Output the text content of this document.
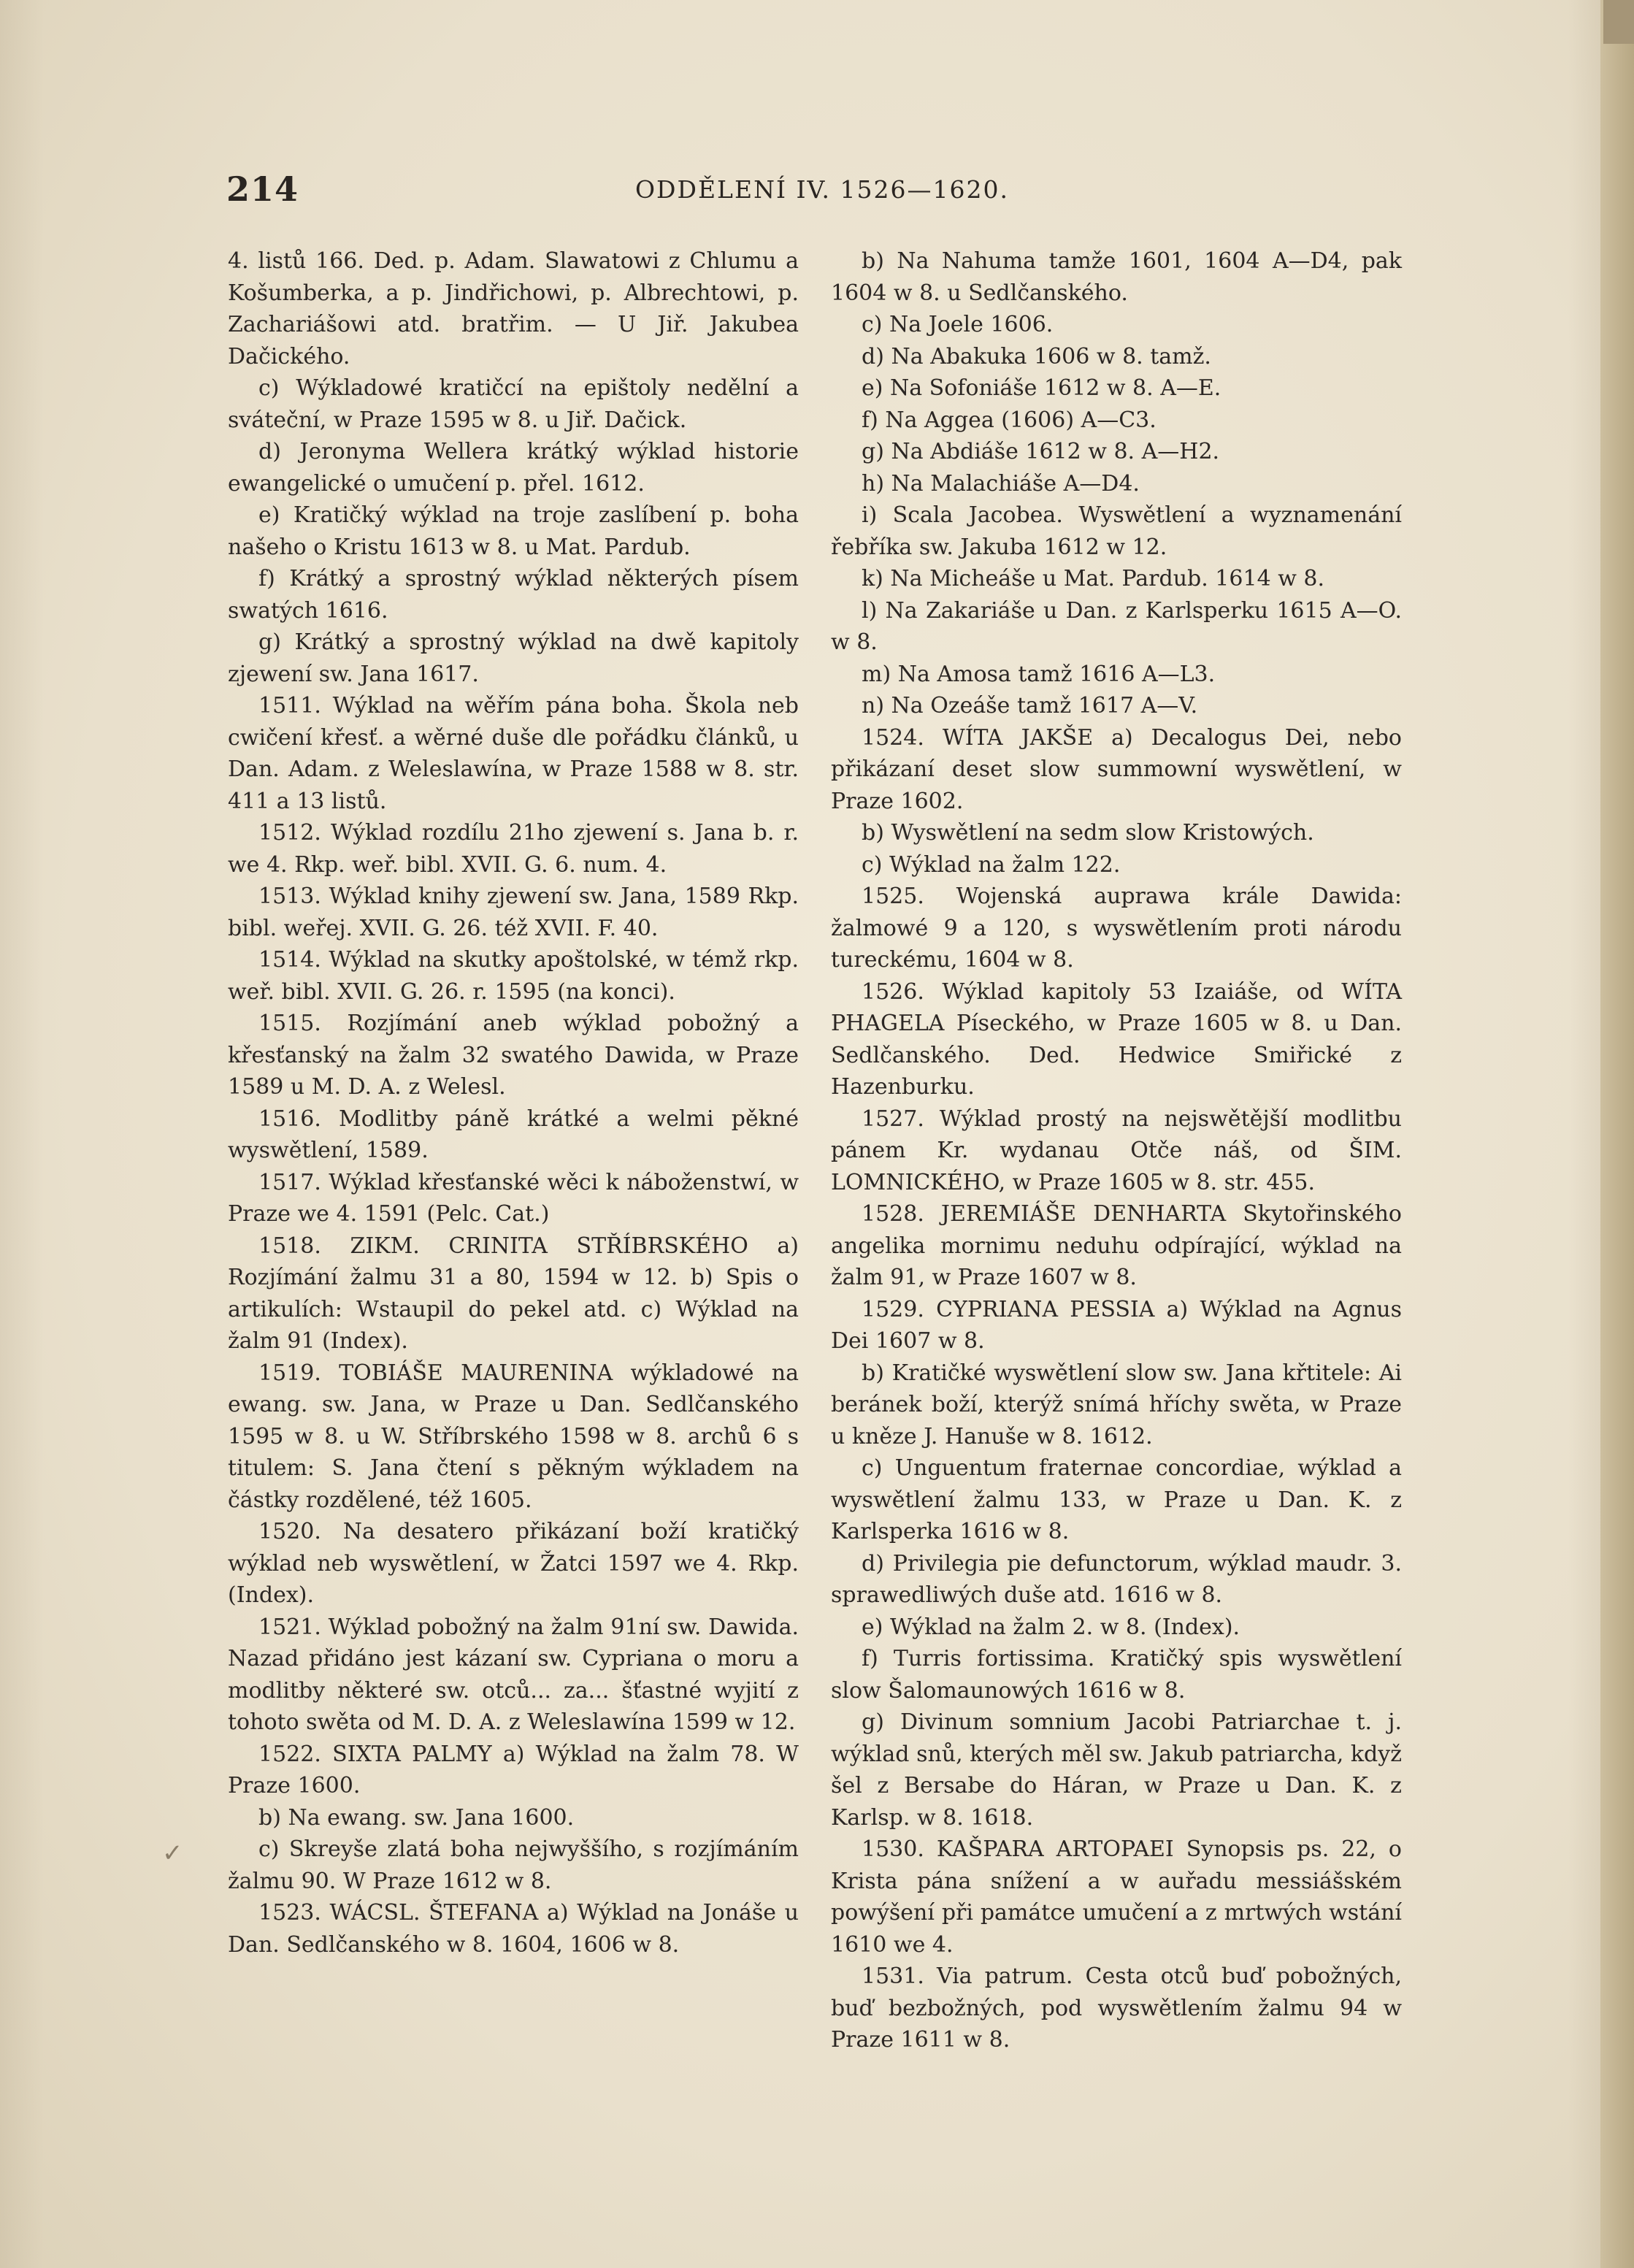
214	ODDĚLENÍ IV. 1526—1620.

4. listů 166. Ded. p. Adam. Slawatowi z Chlumu a Košumberka, a p. Jindřichowi, p. Albrechtowi, p. Zachariášowi atd. bratřim. — U Jiř. Jakubea Dačického.

c) Wýkladowé kratičcí na epištoly nedělní a sváteční, w Praze 1595 w 8. u Jiř. Dačick.

d) Jeronyma Wellera krátký wýklad historie ewangelické o umučení p. přel. 1612.

e) Kratičký wýklad na troje zaslíbení p. boha našeho o Kristu 1613 w 8. u Mat. Pardub.

f) Krátký a sprostný wýklad některých písem swatých 1616.

g) Krátký a sprostný wýklad na dwě kapitoly zjewení sw. Jana 1617.

1511. Wýklad na wěřím pána boha. Škola neb cwičení křesť. a wěrné duše dle pořádku článků, u Dan. Adam. z Weleslawína, w Praze 1588 w 8. str. 411 a 13 listů.

1512. Wýklad rozdílu 21ho zjewení s. Jana b. r. we 4. Rkp. weř. bibl. XVII. G. 6. num. 4.

1513. Wýklad knihy zjewení sw. Jana, 1589 Rkp. bibl. weřej. XVII. G. 26. též XVII. F. 40.

1514. Wýklad na skutky apoštolské, w témž rkp. weř. bibl. XVII. G. 26. r. 1595 (na konci).

1515. Rozjímání aneb wýklad pobožný a křesťanský na žalm 32 swatého Dawida, w Praze 1589 u M. D. A. z Welesl.

1516. Modlitby páně krátké a welmi pěkné wyswětlení, 1589.

1517. Wýklad křesťanské wěci k náboženstwí, w Praze we 4. 1591 (Pelc. Cat.)

1518. ZIKM. CRINITA STŘÍBRSKÉHO a) Rozjímání žalmu 31 a 80, 1594 w 12. b) Spis o artikulích: Wstaupil do pekel atd. c) Wýklad na žalm 91 (Index).

1519. TOBIÁŠE MAURENINA wýkladowé na ewang. sw. Jana, w Praze u Dan. Sedlčanského 1595 w 8. u W. Stříbrského 1598 w 8. archů 6 s titulem: S. Jana čtení s pěkným wýkladem na částky rozdělené, též 1605.

1520. Na desatero přikázaní boží kratičký wýklad neb wyswětlení, w Žatci 1597 we 4. Rkp. (Index).

1521. Wýklad pobožný na žalm 91ní sw. Dawida. Nazad přidáno jest kázaní sw. Cypriana o moru a modlitby některé sw. otců... za... šťastné wyjití z tohoto swěta od M. D. A. z Weleslawína 1599 w 12.

1522. SIXTA PALMY a) Wýklad na žalm 78. W Praze 1600.

b) Na ewang. sw. Jana 1600.

c) Skreyše zlatá boha nejwyššího, s rozjímáním žalmu 90. W Praze 1612 w 8.

1523. WÁCSL. ŠTEFANA a) Wýklad na Jonáše u Dan. Sedlčanského w 8. 1604, 1606 w 8.

b) Na Nahuma tamže 1601, 1604 A—D4, pak 1604 w 8. u Sedlčanského.

c) Na Joele 1606.

d) Na Abakuka 1606 w 8. tamž.

e) Na Sofoniáše 1612 w 8. A—E.

f) Na Aggea (1606) A—C3.

g) Na Abdiáše 1612 w 8. A—H2.

h) Na Malachiáše A—D4.

i) Scala Jacobea. Wyswětlení a wyznamenání řebříka sw. Jakuba 1612 w 12.

k) Na Micheáše u Mat. Pardub. 1614 w 8.

l) Na Zakariáše u Dan. z Karlsperku 1615 A—O. w 8.

m) Na Amosa tamž 1616 A—L3.

n) Na Ozeáše tamž 1617 A—V.

1524. WÍTA JAKŠE a) Decalogus Dei, nebo přikázaní deset slow summowní wyswětlení, w Praze 1602.

b) Wyswětlení na sedm slow Kristowých.

c) Wýklad na žalm 122.

1525. Wojenská auprawa krále Dawida: žalmowé 9 a 120, s wyswětlením proti národu tureckému, 1604 w 8.

1526. Wýklad kapitoly 53 Izaiáše, od WÍTA PHAGELA Píseckého, w Praze 1605 w 8. u Dan. Sedlčanského. Ded. Hedwice Smiřické z Hazenburku.

1527. Wýklad prostý na nejswětější modlitbu pánem Kr. wydanau Otče náš, od ŠIM. LOMNICKÉHO, w Praze 1605 w 8. str. 455.

1528. JEREMIÁŠE DENHARTA Skytořinského angelika mornimu neduhu odpírající, wýklad na žalm 91, w Praze 1607 w 8.

1529. CYPRIANA PESSIA a) Wýklad na Agnus Dei 1607 w 8.

b) Kratičké wyswětlení slow sw. Jana křtitele: Ai beránek boží, kterýž snímá hříchy swěta, w Praze u kněze J. Hanuše w 8. 1612.

c) Unguentum fraternae concordiae, wýklad a wyswětlení žalmu 133, w Praze u Dan. K. z Karlsperka 1616 w 8.

d) Privilegia pie defunctorum, wýklad maudr. 3. sprawedliwých duše atd. 1616 w 8.

e) Wýklad na žalm 2. w 8. (Index).

f) Turris fortissima. Kratičký spis wyswětlení slow Šalomaunowých 1616 w 8.

g) Divinum somnium Jacobi Patriarchae t. j. wýklad snů, kterých měl sw. Jakub patriarcha, když šel z Bersabe do Háran, w Praze u Dan. K. z Karlsp. w 8. 1618.

1530. KAŠPARA ARTOPAEI Synopsis ps. 22, o Krista pána snížení a w auřadu messiášském powýšení při památce umučení a z mrtwých wstání 1610 we 4.

1531. Via patrum. Cesta otců buď pobožných, buď bezbožných, pod wyswětlením žalmu 94 w Praze 1611 w 8.

✓
